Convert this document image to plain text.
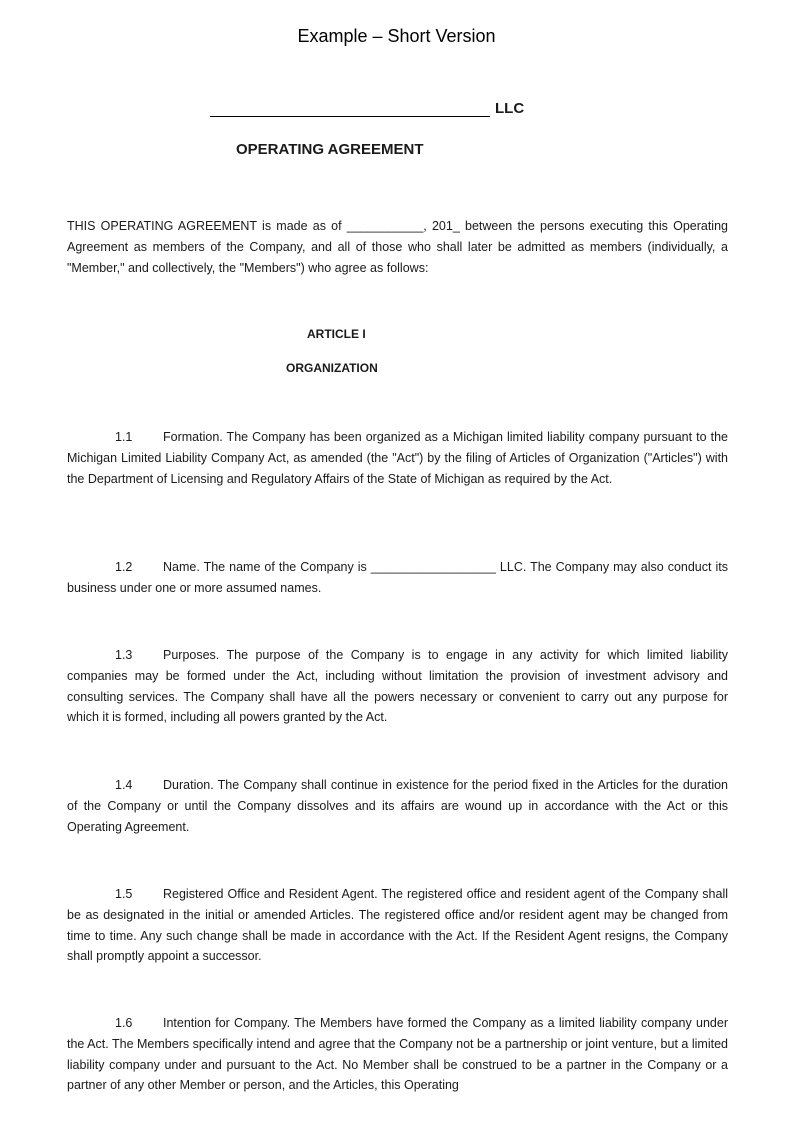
Example – Short Version
LLC
OPERATING AGREEMENT

THIS OPERATING AGREEMENT is made as of ___________, 201_ between the persons executing this Operating Agreement as members of the Company, and all of those who shall later be admitted as members (individually, a "Member," and collectively, the "Members") who agree as follows:

ARTICLE I
ORGANIZATION

1.1 Formation. The Company has been organized as a Michigan limited liability company pursuant to the Michigan Limited Liability Company Act, as amended (the "Act") by the filing of Articles of Organization ("Articles") with the Department of Licensing and Regulatory Affairs of the State of Michigan as required by the Act.

1.2 Name. The name of the Company is __________________ LLC. The Company may also conduct its business under one or more assumed names.

1.3 Purposes. The purpose of the Company is to engage in any activity for which limited liability companies may be formed under the Act, including without limitation the provision of investment advisory and consulting services. The Company shall have all the powers necessary or convenient to carry out any purpose for which it is formed, including all powers granted by the Act.

1.4 Duration. The Company shall continue in existence for the period fixed in the Articles for the duration of the Company or until the Company dissolves and its affairs are wound up in accordance with the Act or this Operating Agreement.

1.5 Registered Office and Resident Agent. The registered office and resident agent of the Company shall be as designated in the initial or amended Articles. The registered office and/or resident agent may be changed from time to time. Any such change shall be made in accordance with the Act. If the Resident Agent resigns, the Company shall promptly appoint a successor.

1.6 Intention for Company. The Members have formed the Company as a limited liability company under the Act. The Members specifically intend and agree that the Company not be a partnership or joint venture, but a limited liability company under and pursuant to the Act. No Member shall be construed to be a partner in the Company or a partner of any other Member or person, and the Articles, this Operating
